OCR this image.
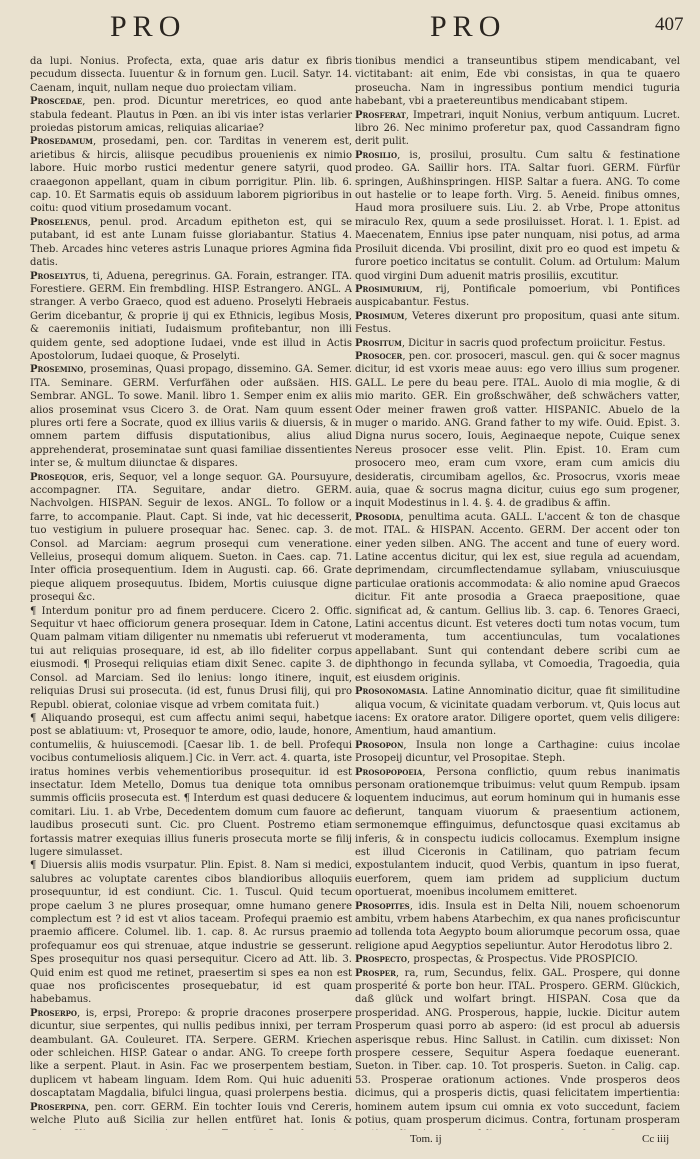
PRO	PRO	407

da lupi. Nonius. Profecta, exta, quae aris datur ex fibris pecudum dissecta. Iuuentur & in fornum gen. Lucil. Satyr. 14. Caenam, inquit, nullam neque duo proiectam viliam.

Proscedae, pen. prod. Dicuntur meretrices, eo quod ante stabula fedeant. Plautus in Pœn. an ibi vis inter istas verlarier proiedas pistorum amicas, reliquias alicariae?

Prosedamum, prosedami, pen. cor. Tarditas in venerem est, arietibus & hircis, aliisque pecudibus prouenienis ex nimio labore. Huic morbo rustici medentur genere satyrii, quod craaegonon appellant, quam in cibum porrigitur. Plin. lib. 6. cap. 10. Et Sarmatis equis ob assiduum laborem pigrioribus in coitu: quod vitium prosedamum vocant.

Proselenus, penul. prod. Arcadum epitheton est, qui se putabant, id est ante Lunam fuisse gloriabantur. Statius 4. Theb. Arcades hinc veteres astris Lunaque priores Agmina fida datis.

Proselytus, ti, Aduena, peregrinus. GA. Forain, estranger. ITA. Forestiere. GERM. Ein frembdling. HISP. Estrangero. ANGL. A stranger. A verbo Graeco, quod est adueno. Proselyti Hebraeis Gerim dicebantur, & proprie ij qui ex Ethnicis, legibus Mosis, & caeremoniis initiati, Iudaismum profitebantur, non illi quidem gente, sed adoptione Iudaei, vnde est illud in Actis Apostolorum, Iudaei quoque, & Proselyti.

Prosemino, proseminas, Quasi propago, dissemino. GA. Semer. ITA. Seminare. GERM. Verfurfähen oder außsäen. HIS. Sembrar. ANGL. To sowe. Manil. libro 1. Semper enim ex aliis alios proseminat vsus Cicero 3. de Orat. Nam quum essent plures orti fere a Socrate, quod ex illius variis & diuersis, & in omnem partem diffusis disputationibus, alius aliud apprehenderat, proseminatae sunt quasi familiae dissentientes inter se, & multum diiunctae & dispares.

Prosequor, eris, Sequor, vel a longe sequor. GA. Poursuyure, accompagner. ITA. Seguitare, andar dietro. GERM. Nachvolgen. HISPAN. Seguir de lexos. ANGL. To follow or a farre, to accompanie. Plaut. Capt. Si inde, vat hic decesserit, tuo vestigium in puluere prosequar hac. Senec. cap. 3. de Consol. ad Marciam: aegrum prosequi cum veneratione. Velleius, prosequi domum aliquem. Sueton. in Caes. cap. 71. Inter officia prosequentium. Idem in Augusti. cap. 66. Grate pieque aliquem prosequutus. Ibidem, Mortis cuiusque digne prosequi &c.

¶ Interdum ponitur pro ad finem perducere. Cicero 2. Offic. Sequitur vt haec officiorum genera prosequar. Idem in Catone, Quam palmam vitiam diligenter nu nmematis ubi referuerut vt tui aut reliquias prosequare, id est, ab illo fideliter corpus eiusmodi. ¶ Prosequi reliquias etiam dixit Senec. capite 3. de Consol. ad Marciam. Sed ilo lenius: longo itinere, inquit, reliquias Drusi sui prosecuta. (id est, funus Drusi filij, qui pro Republ. obierat, coloniae visque ad vrbem comitata fuit.)

¶ Aliquando prosequi, est cum affectu animi sequi, habetque post se ablatiuum: vt, Prosequor te amore, odio, laude, honore, contumeliis, & huiuscemodi. [Caesar lib. 1. de bell. Profequi vocibus contumeliosis aliquem.] Cic. in Verr. act. 4. quarta, iste iratus homines verbis vehementioribus prosequitur. id est insectatur. Idem Metello, Domus tua denique tota omnibus summis officiis prosecuta est. ¶ Interdum est quasi deducere & comitari. Liu. 1. ab Vrbe, Decedentem domum cum fauore ac laudibus prosecuti sunt. Cic. pro Cluent. Postremo etiam fortassis matrer exequias illius funeris prosecuta morte se filij lugere simulasset.

¶ Diuersis aliis modis vsurpatur. Plin. Epist. 8. Nam si medici, salubres ac voluptate carentes cibos blandioribus alloquiis prosequuntur, id est condiunt. Cic. 1. Tuscul. Quid tecum prope caelum 3 ne plures prosequar, omne humano genere complectum est ? id est vt alios taceam. Profequi praemio est praemio afficere. Columel. lib. 1. cap. 8. Ac rursus praemio profequamur eos qui strenuae, atque industrie se gesserunt. Spes prosequitur nos quasi persequitur. Cicero ad Att. lib. 3. Quid enim est quod me retinet, praesertim si spes ea non est quae nos proficiscentes prosequebatur, id est quam habebamus.

Proserpo, is, erpsi, Prorepo: & proprie dracones proserpere dicuntur, siue serpentes, qui nullis pedibus innixi, per terram deambulant. GA. Couleuret. ITA. Serpere. GERM. Kriechen oder schleichen. HISP. Gatear o andar. ANG. To creepe forth like a serpent. Plaut. in Asin. Fac we proserpentem bestiam, duplicem vt habeam linguam. Idem Rom. Qui huic adueniti doscaptatam Magdalia, bifulci lingua, quasi prolerpens bestia.

Proserpina, pen. corr. GERM. Ein tochter Iouis vnd Cereris, welche Pluto auß Sicilia zur hellen entfüret hat. Ionis &

tionibus mendici a transeuntibus stipem mendicabant, vel victitabant: ait enim, Ede vbi consistas, in qua te quaero proseucha. Nam in ingressibus pontium mendici tuguria habebant, vbi a praetereuntibus mendicabant stipem.

Prosferat, Impetrari, inquit Nonius, verbum antiquum. Lucret. libro 26. Nec minimo proferetur pax, quod Cassandram figno derit pulit.

Prosilio, is, prosilui, prosultu. Cum saltu & festinatione prodeo. GA. Saillir hors. ITA. Saltar fuori. GERM. Fürfür springen, Außhinspringen. HISP. Saltar a fuera. ANG. To come out hastelie or to leape forth. Virg. 5. Aeneid. finibus omnes, Haud mora prosiluere suis. Liu. 2. ab Vrbe, Prope attonitus miraculo Rex, quum a sede prosiluisset. Horat. l. 1. Epist. ad Maecenatem, Ennius ipse pater nunquam, nisi potus, ad arma Prosiluit dicenda. Vbi prosilint, dixit pro eo quod est impetu & furore poetico incitatus se contulit. Colum. ad Ortulum: Malum quod virgini Dum aduenit matris prosiliis, excutitur.

Prosimurium, rij, Pontificale pomoerium, vbi Pontifices auspicabantur. Festus.

Prosimum, Veteres dixerunt pro propositum, quasi ante situm. Festus.

Prositum, Dicitur in sacris quod profectum proiicitur. Festus.

Prosocer, pen. cor. prosoceri, mascul. gen. qui & socer magnus dicitur, id est vxoris meae auus: ego vero illius sum progener. GALL. Le pere du beau pere. ITAL. Auolo di mia moglie, & di mio marito. GER. Ein großschwäher, deß schwächers vatter, Oder meiner frawen groß vatter. HISPANIC. Abuelo de la muger o marido. ANG. Grand father to my wife. Ouid. Epist. 3. Digna nurus socero, Iouis, Aeginaeque nepote, Cuique senex Nereus prosocer esse velit. Plin. Epist. 10. Eram cum prosocero meo, eram cum vxore, eram cum amicis diu desideratis, circumibam agellos, &c. Prosocrus, vxoris meae auia, quae & socrus magna dicitur, cuius ego sum progener, inquit Modestinus in l. 4. §. 4. de gradibus & affin.

Prosodia, penultima acuta. GALL. L'accent & ton de chasque mot. ITAL. & HISPAN. Accento. GERM. Der accent oder ton einer yeden silben. ANG. The accent and tune of euery word. Latine accentus dicitur, qui lex est, siue regula ad acuendam, deprimendam, circumflectendamue syllabam, vniuscuiusque particulae orationis accommodata: & alio nomine apud Graecos dicitur. Fit ante prosodia a Graeca praepositione, quae significat ad, & cantum. Gellius lib. 3. cap. 6. Tenores Graeci, Latini accentus dicunt. Est veteres docti tum notas vocum, tum moderamenta, tum accentiunculas, tum vocalationes appellabant. Sunt qui contendant debere scribi cum ae diphthongo in fecunda syllaba, vt Comoedia, Tragoedia, quia est eiusdem originis.

Prosonomasia. Latine Annominatio dicitur, quae fit similitudine aliqua vocum, & vicinitate quadam verborum. vt, Quis locus aut iacens: Ex oratore arator. Diligere oportet, quem velis diligere: Amentium, haud amantium.

Prosopon, Insula non longe a Carthagine: cuius incolae Prosopeij dicuntur, vel Prosopitae. Steph.

Prosopopoeia, Persona conflictio, quum rebus inanimatis personam orationemque tribuimus: velut quum Rempub. ipsam loquentem inducimus, aut eorum hominum qui in humanis esse defierunt, tanquam viuorum & praesentium actionem, sermonemque effinguimus, defunctosque quasi excitamus ab inferis, & in conspectu iudicis collocamus. Exemplum insigne est illud Ciceronis in Catilinam, quo patriam fecum expostulantem inducit, quod Verbis, quantum in ipso fuerat, euerforem, quem iam pridem ad supplicium ductum oportuerat, moenibus incolumem emitteret.

Prosopites, idis. Insula est in Delta Nili, nouem schoenorum ambitu, vrbem habens Atarbechim, ex qua nanes proficiscuntur ad tollenda tota Aegypto boum aliorumque pecorum ossa, quae religione apud Aegyptios sepeliuntur. Autor Herodotus libro 2.

Prospecto, prospectas, & Prospectus. Vide PROSPICIO.

Prosper, ra, rum, Secundus, felix. GAL. Prospere, qui donne prosperité & porte bon heur. ITAL. Prospero. GERM. Glückich, daß glück und wolfart bringt. HISPAN. Cosa que da prosperidad. ANG. Prosperous, happie, luckie. Dicitur autem Prosperum quasi porro ab aspero: (id est procul ab aduersis asperisque rebus. Hinc Sallust. in Catilin. cum dixisset: Non prospere cessere, Sequitur Aspera foedaque euenerant. Sueton. in Tiber. cap. 10. Tot prosperis. Sueton. in Calig. cap. 53. Prosperae orationum actiones. Vnde prosperos deos dicimus, qui a prosperis dictis, quasi felicitatem impertientia: hominem autem ipsum cui omnia ex voto succedunt, faciem potius, quam prosperum dicimus. Contra, fortunam prosperam

Tom. ij	Cc iiij
